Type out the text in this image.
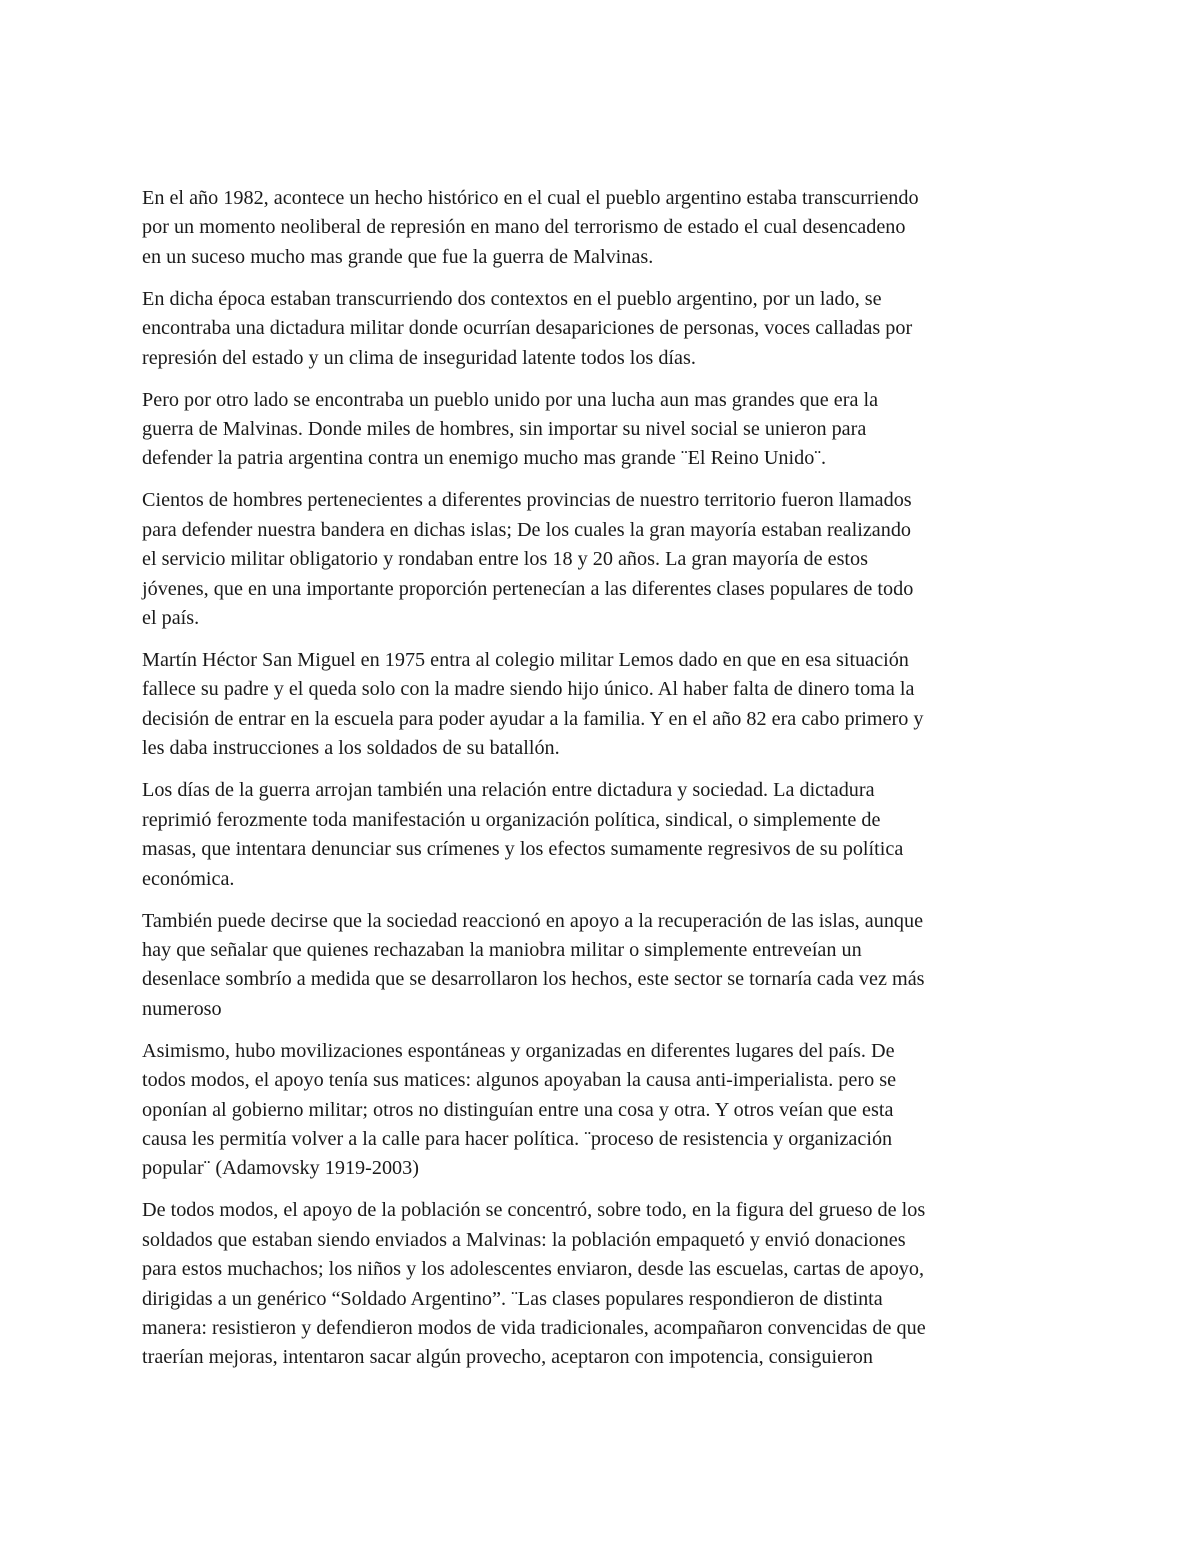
En el año 1982, acontece un hecho histórico en el cual el pueblo argentino estaba transcurriendo
por un momento neoliberal de represión en mano del terrorismo de estado el cual desencadeno
en un suceso mucho mas grande que fue la guerra de Malvinas.

En dicha época estaban transcurriendo dos contextos en el pueblo argentino, por un lado, se
encontraba una dictadura militar donde ocurrían desapariciones de personas, voces calladas por
represión del estado y un clima de inseguridad latente todos los días.

Pero por otro lado se encontraba un pueblo unido por una lucha aun mas grandes que era la
guerra de Malvinas. Donde miles de hombres, sin importar su nivel social se unieron para
defender la patria argentina contra un enemigo mucho mas grande ¨El Reino Unido¨.

Cientos de hombres pertenecientes a diferentes provincias de nuestro territorio fueron llamados
para defender nuestra bandera en dichas islas; De los cuales la gran mayoría estaban realizando
el servicio militar obligatorio y rondaban entre los 18 y 20 años. La gran mayoría de estos
jóvenes, que en una importante proporción pertenecían a las diferentes clases populares de todo
el país.

Martín Héctor San Miguel en 1975 entra al colegio militar Lemos dado en que en esa situación
fallece su padre y el queda solo con la madre siendo hijo único. Al haber falta de dinero toma la
decisión de entrar en la escuela para poder ayudar a la familia. Y en el año 82 era cabo primero y
les daba instrucciones a los soldados de su batallón.

Los días de la guerra arrojan también una relación entre dictadura y sociedad. La dictadura
reprimió ferozmente toda manifestación u organización política, sindical, o simplemente de
masas, que intentara denunciar sus crímenes y los efectos sumamente regresivos de su política
económica.

También puede decirse que la sociedad reaccionó en apoyo a la recuperación de las islas, aunque
hay que señalar que quienes rechazaban la maniobra militar o simplemente entreveían un
desenlace sombrío a medida que se desarrollaron los hechos, este sector se tornaría cada vez más
numeroso

Asimismo, hubo movilizaciones espontáneas y organizadas en diferentes lugares del país. De
todos modos, el apoyo tenía sus matices: algunos apoyaban la causa anti-imperialista. pero se
oponían al gobierno militar; otros no distinguían entre una cosa y otra. Y otros veían que esta
causa les permitía volver a la calle para hacer política. ¨proceso de resistencia y organización
popular¨ (Adamovsky 1919-2003)

De todos modos, el apoyo de la población se concentró, sobre todo, en la figura del grueso de los
soldados que estaban siendo enviados a Malvinas: la población empaquetó y envió donaciones
para estos muchachos; los niños y los adolescentes enviaron, desde las escuelas, cartas de apoyo,
dirigidas a un genérico “Soldado Argentino”. ¨Las clases populares respondieron de distinta
manera: resistieron y defendieron modos de vida tradicionales, acompañaron convencidas de que
traerían mejoras, intentaron sacar algún provecho, aceptaron con impotencia, consiguieron
